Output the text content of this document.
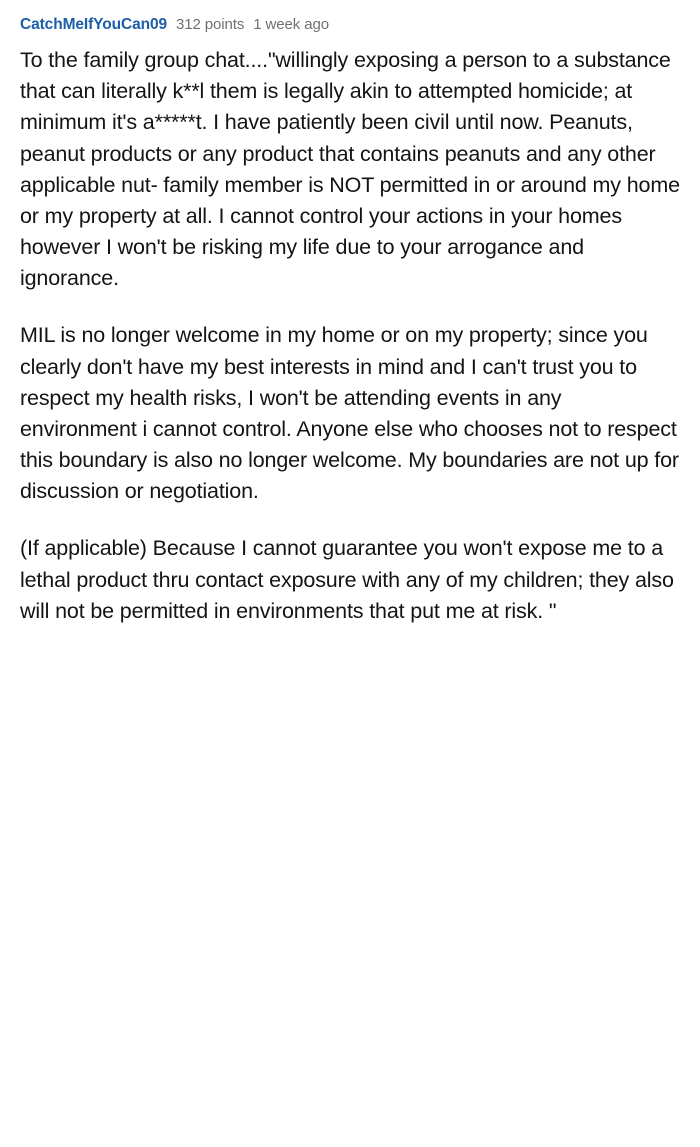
CatchMeIfYouCan09 312 points 1 week ago

To the family group chat...."willingly exposing a person to a substance that can literally k**l them is legally akin to attempted homicide; at minimum it's a*****t. I have patiently been civil until now. Peanuts, peanut products or any product that contains peanuts and any other applicable nut- family member is NOT permitted in or around my home or my property at all. I cannot control your actions in your homes however I won't be risking my life due to your arrogance and ignorance.

MIL is no longer welcome in my home or on my property; since you clearly don't have my best interests in mind and I can't trust you to respect my health risks, I won't be attending events in any environment i cannot control. Anyone else who chooses not to respect this boundary is also no longer welcome. My boundaries are not up for discussion or negotiation.

(If applicable) Because I cannot guarantee you won't expose me to a lethal product thru contact exposure with any of my children; they also will not be permitted in environments that put me at risk. "
